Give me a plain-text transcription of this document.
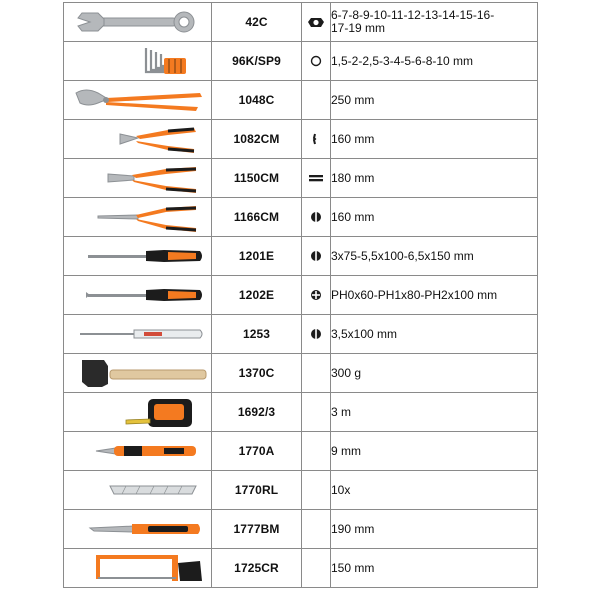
	42C		6-7-8-9-10-11-12-13-14-15-16-
17-19 mm

	96K/SP9		1,5-2-2,5-3-4-5-6-8-10 mm

	1048C		250 mm

	1082CM		160 mm

	1150CM		180 mm

	1166CM		160 mm

	1201E		3x75-5,5x100-6,5x150 mm

	1202E		PH0x60-PH1x80-PH2x100 mm

	1253		3,5x100 mm

	1370C		300 g

	1692/3		3 m

	1770A		9 mm

	1770RL		10x

	1777BM		190 mm

	1725CR		150 mm
